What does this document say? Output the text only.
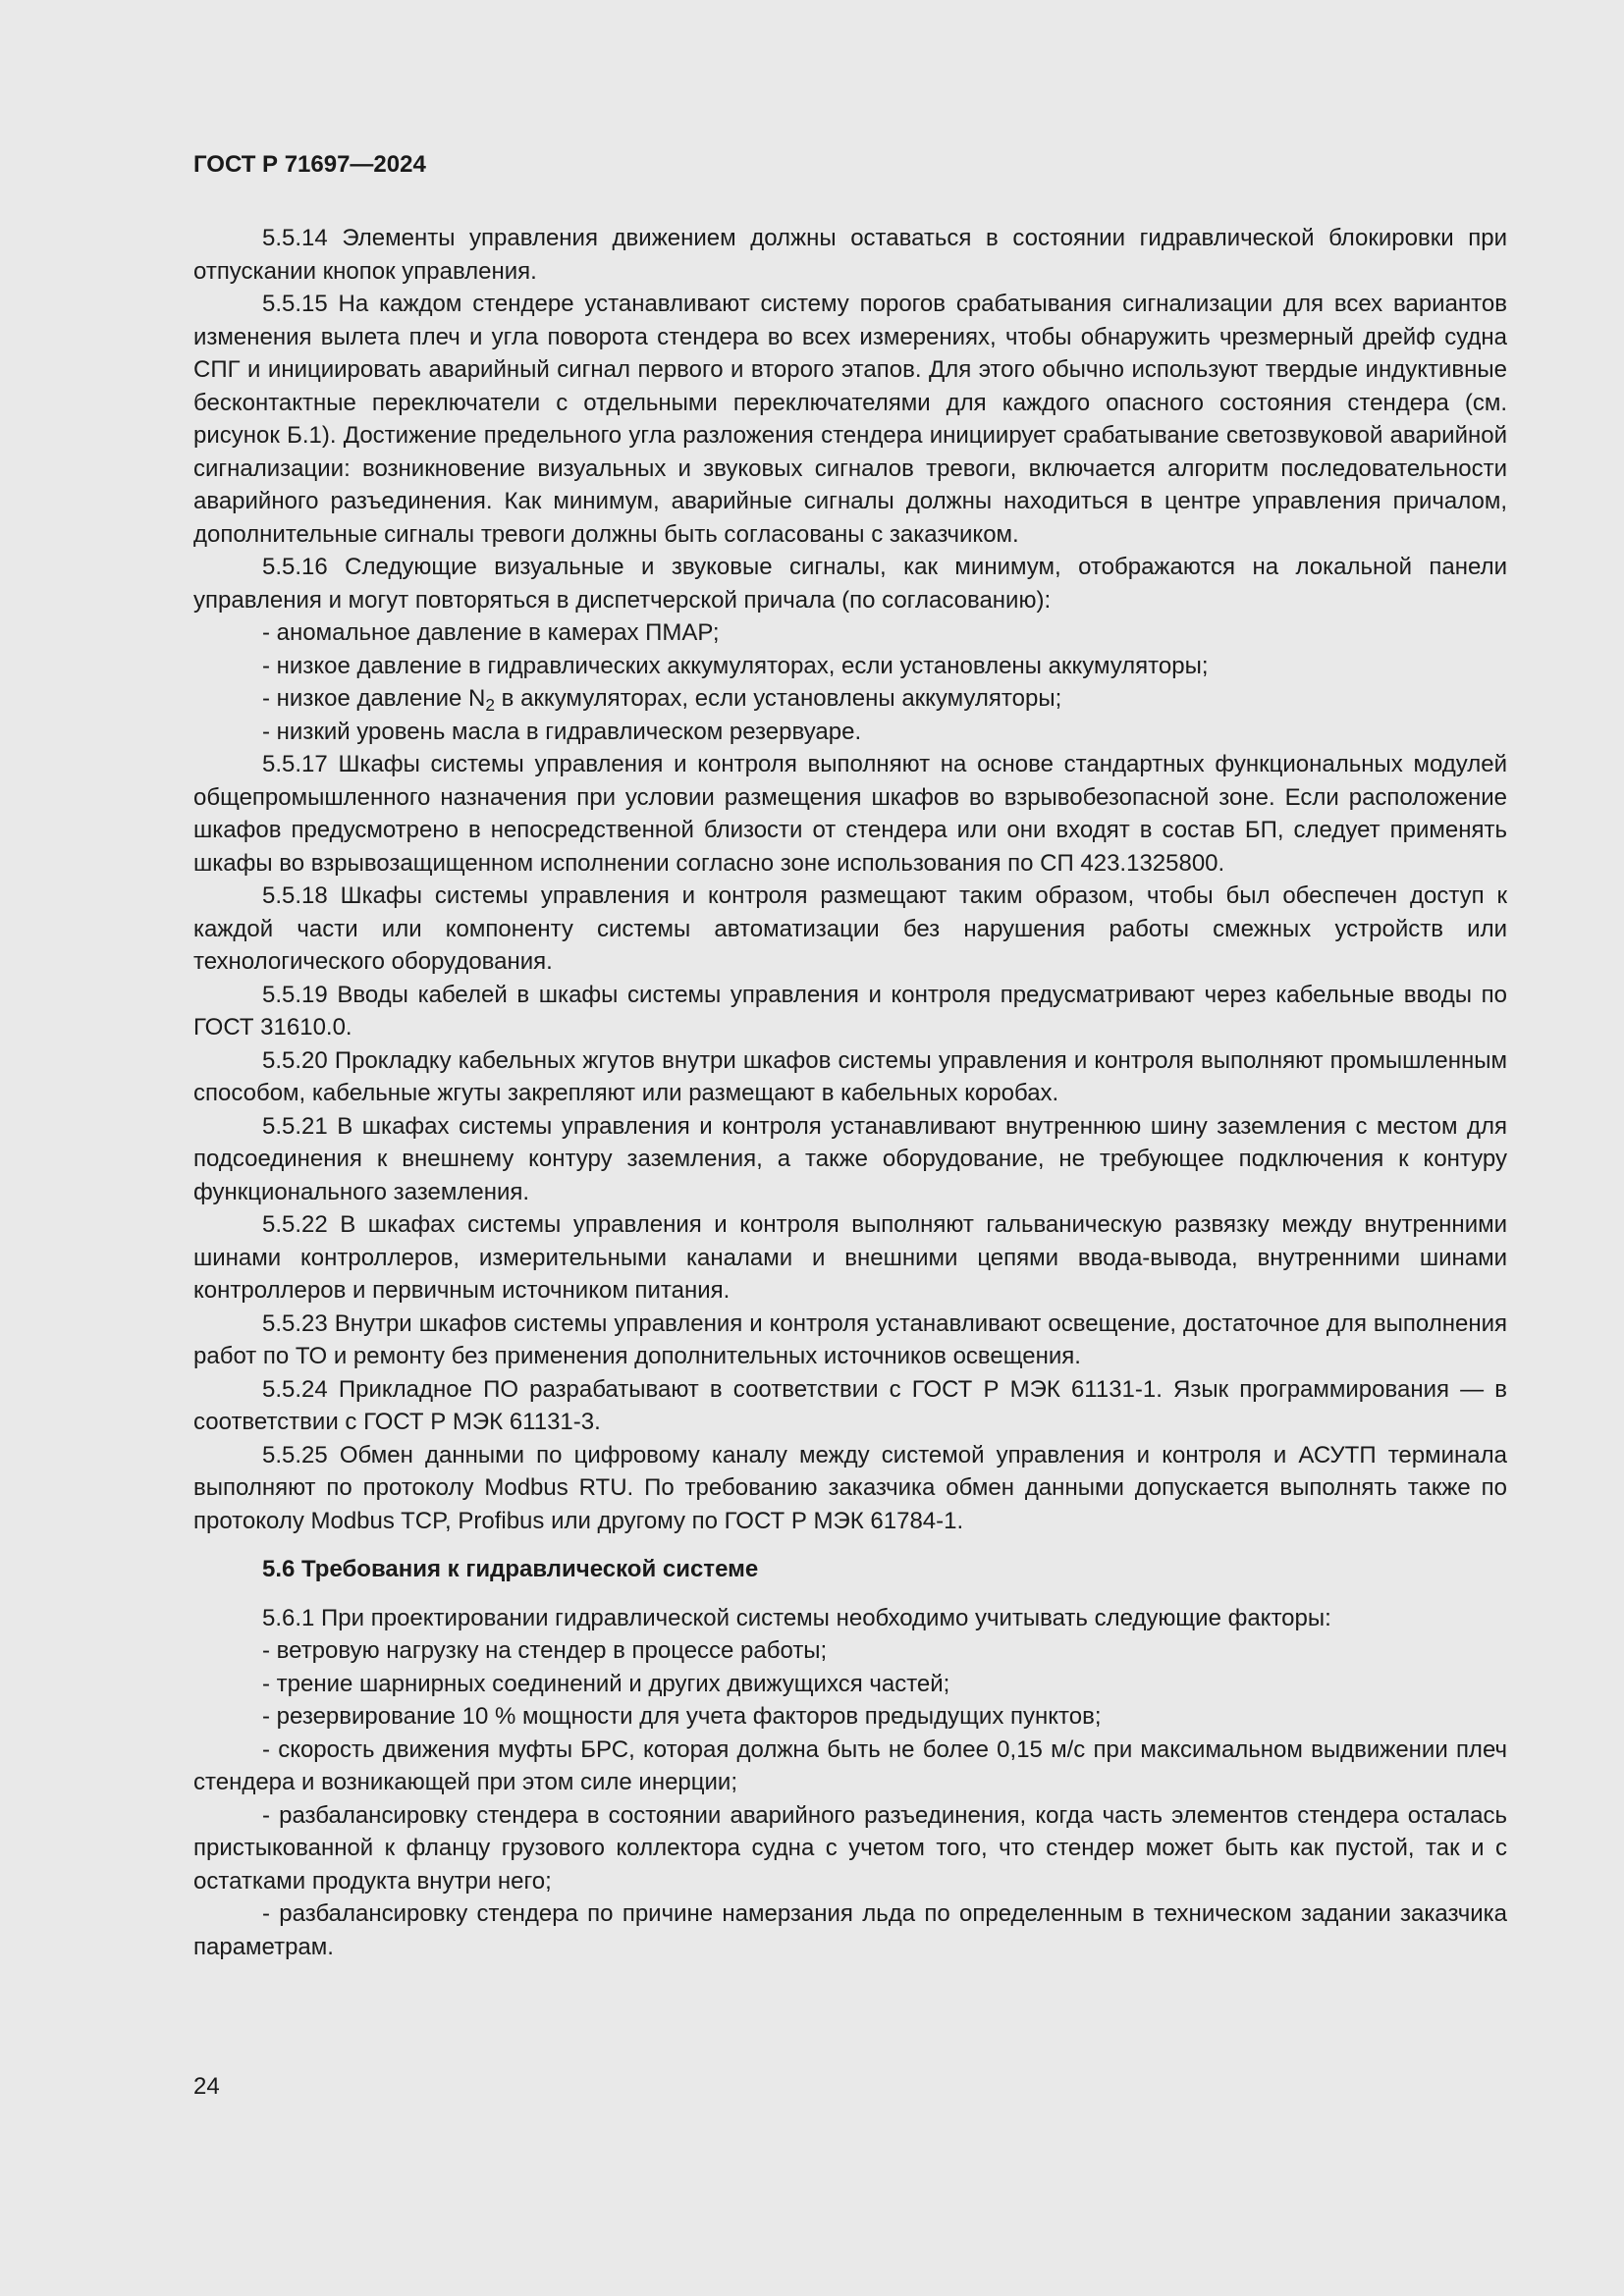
ГОСТ Р 71697—2024

5.5.14 Элементы управления движением должны оставаться в состоянии гидравлической блокировки при отпускании кнопок управления.

5.5.15 На каждом стендере устанавливают систему порогов срабатывания сигнализации для всех вариантов изменения вылета плеч и угла поворота стендера во всех измерениях, чтобы обнаружить чрезмерный дрейф судна СПГ и инициировать аварийный сигнал первого и второго этапов. Для этого обычно используют твердые индуктивные бесконтактные переключатели с отдельными переключателями для каждого опасного состояния стендера (см. рисунок Б.1). Достижение предельного угла разложения стендера инициирует срабатывание светозвуковой аварийной сигнализации: возникновение визуальных и звуковых сигналов тревоги, включается алгоритм последовательности аварийного разъединения. Как минимум, аварийные сигналы должны находиться в центре управления причалом, дополнительные сигналы тревоги должны быть согласованы с заказчиком.

5.5.16 Следующие визуальные и звуковые сигналы, как минимум, отображаются на локальной панели управления и могут повторяться в диспетчерской причала (по согласованию):

- аномальное давление в камерах ПМАР;

- низкое давление в гидравлических аккумуляторах, если установлены аккумуляторы;

- низкое давление $N_2$ в аккумуляторах, если установлены аккумуляторы;

- низкий уровень масла в гидравлическом резервуаре.

5.5.17 Шкафы системы управления и контроля выполняют на основе стандартных функциональных модулей общепромышленного назначения при условии размещения шкафов во взрывобезопасной зоне. Если расположение шкафов предусмотрено в непосредственной близости от стендера или они входят в состав БП, следует применять шкафы во взрывозащищенном исполнении согласно зоне использования по СП 423.1325800.

5.5.18 Шкафы системы управления и контроля размещают таким образом, чтобы был обеспечен доступ к каждой части или компоненту системы автоматизации без нарушения работы смежных устройств или технологического оборудования.

5.5.19 Вводы кабелей в шкафы системы управления и контроля предусматривают через кабельные вводы по ГОСТ 31610.0.

5.5.20 Прокладку кабельных жгутов внутри шкафов системы управления и контроля выполняют промышленным способом, кабельные жгуты закрепляют или размещают в кабельных коробах.

5.5.21 В шкафах системы управления и контроля устанавливают внутреннюю шину заземления с местом для подсоединения к внешнему контуру заземления, а также оборудование, не требующее подключения к контуру функционального заземления.

5.5.22 В шкафах системы управления и контроля выполняют гальваническую развязку между внутренними шинами контроллеров, измерительными каналами и внешними цепями ввода-вывода, внутренними шинами контроллеров и первичным источником питания.

5.5.23 Внутри шкафов системы управления и контроля устанавливают освещение, достаточное для выполнения работ по ТО и ремонту без применения дополнительных источников освещения.

5.5.24 Прикладное ПО разрабатывают в соответствии с ГОСТ Р МЭК 61131-1. Язык программирования — в соответствии с ГОСТ Р МЭК 61131-3.

5.5.25 Обмен данными по цифровому каналу между системой управления и контроля и АСУТП терминала выполняют по протоколу Modbus RTU. По требованию заказчика обмен данными допускается выполнять также по протоколу Modbus TCP, Profibus или другому по ГОСТ Р МЭК 61784-1.

5.6 Требования к гидравлической системе

5.6.1 При проектировании гидравлической системы необходимо учитывать следующие факторы:

- ветровую нагрузку на стендер в процессе работы;

- трение шарнирных соединений и других движущихся частей;

- резервирование 10 % мощности для учета факторов предыдущих пунктов;

- скорость движения муфты БРС, которая должна быть не более 0,15 м/с при максимальном выдвижении плеч стендера и возникающей при этом силе инерции;

- разбалансировку стендера в состоянии аварийного разъединения, когда часть элементов стендера осталась пристыкованной к фланцу грузового коллектора судна с учетом того, что стендер может быть как пустой, так и с остатками продукта внутри него;

- разбалансировку стендера по причине намерзания льда по определенным в техническом задании заказчика параметрам.

24
